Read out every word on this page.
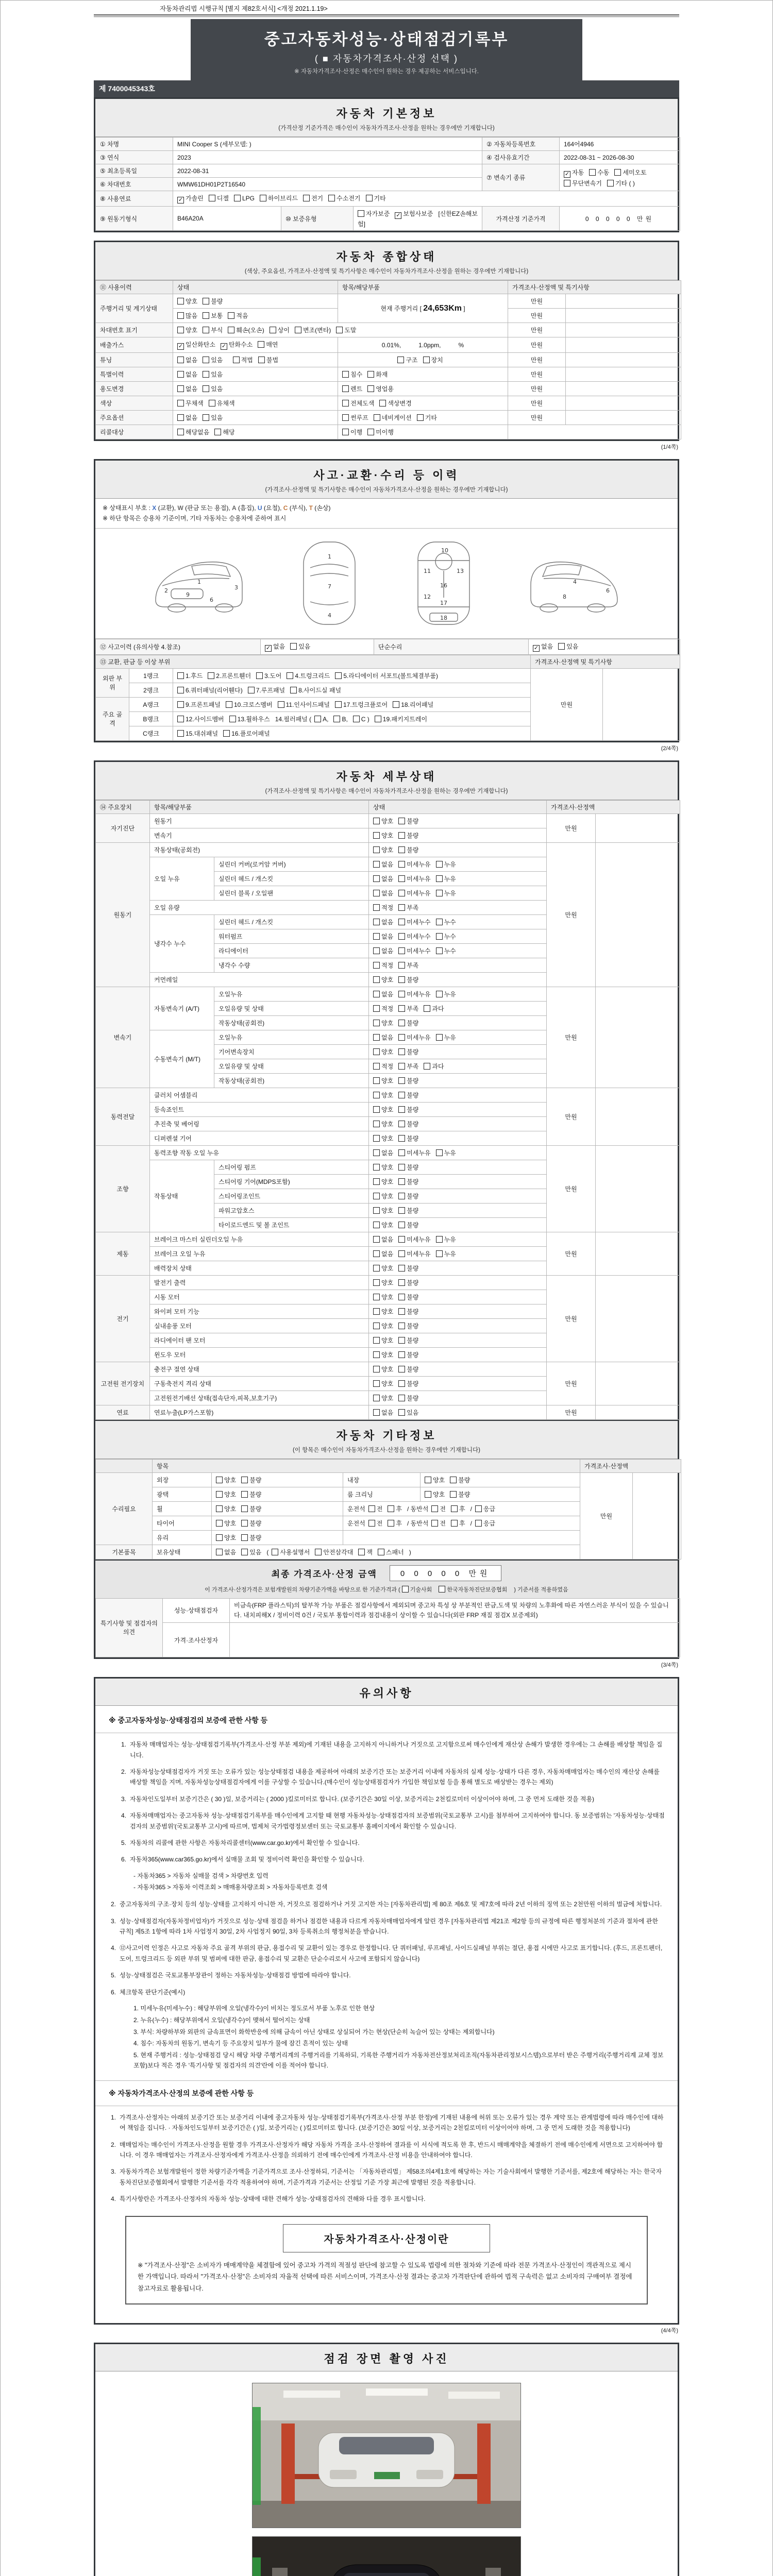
자동차관리법 시행규칙 [별지 제82호서식] <개정 2021.1.19>
중고자동차성능·상태점검기록부
( ■ 자동차가격조사·산정 선택 )
※ 자동차가격조사·산정은 매수인이 원하는 경우 제공하는 서비스입니다.
제 7400045343호
자동차 기본정보
(가격산정 기준가격은 매수인이 자동차가격조사·산정을 원하는 경우에만 기재합니다)
① 차명	MINI Cooper S (세부모델: )			② 자동차등록번호	164어4946
③ 연식	2023			④ 검사유효기간	2022-08-31 ~ 2026-08-30
⑤ 최초등록일	2022-08-31			⑦ 변속기 종류	✓ 자동 수동 세미오토무단변속기 기타 ( )
⑥ 차대번호	WMW61DH01P2T16540				
⑧ 사용연료	✓ 가솔린 디젤 LPG 하이브리드 전기 수소전기 기타				
⑨ 원동기형식	B46A20A	⑩ 보증유형	자가보증 ✓ 보험사보증 [신한EZ손해보험]	가격산정 기준가격	0 0 0 0 0 만원
자동차 종합상태
(색상, 주요옵션, 가격조사·산정액 및 특기사항은 매수인이 자동차가격조사·산정을 원하는 경우에만 기재합니다)
⑪ 사용이력	상태	항목/해당부품	가격조사·산정액 및 특기사항	
주행거리 및 계기상태	양호 불량	현재 주행거리 [ 24,653Km ]	만원	
	많음 보통 적음		만원	
차대번호 표기	양호 부식 훼손(오손) 상이 변조(변타) 도말		만원	
배출가스	✓ 일산화탄소 ✓ 탄화수소 매연	0.01%, 1.0ppm, %	만원	
튜닝	없음 있음 적법 불법	구조 장치	만원	
특별이력	없음 있음	침수 화재	만원	
용도변경	없음 있음	렌트 영업용	만원	
색상	무채색 유채색	전체도색 색상변경	만원	
주요옵션	없음 있음	썬루프 네비게이션 기타	만원	
리콜대상	해당없음 해당	이행 미이행		
(1/4쪽)
사고·교환·수리 등 이력
(가격조사·산정액 및 특기사항은 매수인이 자동차가격조사·산정을 원하는 경우에만 기재합니다)
※ 상태표시 부호 : X (교환), W (판금 또는 용접), A (흠집), U (요철), C (부식), T (손상)
※ 하단 항목은 승용차 기준이며, 기타 자동차는 승용차에 준하여 표시
1
2
9
3
6
1
7
4
10
11	13
16
12
17
18
4
6
8
⑫ 사고이력 (유의사항 4.참조)	✓ 없음 있음	단순수리	✓ 없음 있음
⑬ 교환, 판금 등 이상 부위			가격조사·산정액 및 특기사항	
외판 부위	1랭크	1.후드 2.프론트휀더 3.도어 4.트렁크리드 5.라디에이터 서포트(볼트체결부품)	만원	
	2랭크	6.쿼터패널(리어휀다) 7.루프패널 8.사이드실 패널		
주요 골격	A랭크	9.프론트패널 10.크로스멤버 11.인사이드패널 17.트렁크플로어 18.리어패널		
	B랭크	12.사이드멤버 13.휠하우스 14.필러패널 ( A, B, C ) 19.패키지트레이		
	C랭크	15.대쉬패널 16.플로어패널		
(2/4쪽)
자동차 세부상태
(가격조사·산정액 및 특기사항은 매수인이 자동차가격조사·산정을 원하는 경우에만 기재합니다)
⑭ 주요장치	항목/해당부품		상태	가격조사·산정액	
자기진단	원동기		양호 불량	만원	
	변속기		양호 불량		
원동기	작동상태(공회전)		양호 불량	만원	
	오일 누유	실린더 커버(로커암 커버)	없음 미세누유 누유		
		실린더 헤드 / 개스킷	없음 미세누유 누유		
		실린더 블록 / 오일팬	없음 미세누유 누유		
	오일 유량		적정 부족		
	냉각수 누수	실린더 헤드 / 개스킷	없음 미세누수 누수		
		워터펌프	없음 미세누수 누수		
		라디에이터	없음 미세누수 누수		
		냉각수 수량	적정 부족		
	커먼레일		양호 불량		
변속기	자동변속기 (A/T)	오일누유	없음 미세누유 누유	만원	
		오일유량 및 상태	적정 부족 과다		
		작동상태(공회전)	양호 불량		
	수동변속기 (M/T)	오일누유	없음 미세누유 누유		
		기어변속장치	양호 불량		
		오일유량 및 상태	적정 부족 과다		
		작동상태(공회전)	양호 불량		
동력전달	클러치 어셈블리		양호 불량	만원	
	등속죠인트		양호 불량		
	추진축 및 베어링		양호 불량		
	디퍼렌셜 기어		양호 불량		
조향	동력조향 작동 오일 누유		없음 미세누유 누유	만원	
	작동상태	스티어링 펌프	양호 불량		
		스티어링 기어(MDPS포함)	양호 불량		
		스티어링조인트	양호 불량		
		파워고압호스	양호 불량		
		타이로드엔드 및 볼 조인트	양호 불량		
제동	브레이크 마스터 실린더오일 누유		없음 미세누유 누유	만원	
	브레이크 오일 누유		없음 미세누유 누유		
	배력장치 상태		양호 불량		
전기	발전기 출력		양호 불량	만원	
	시동 모터		양호 불량		
	와이퍼 모터 기능		양호 불량		
	실내송풍 모터		양호 불량		
	라디에이터 팬 모터		양호 불량		
	윈도우 모터		양호 불량		
고전원 전기장치	충전구 절연 상태		양호 불량	만원	
	구동축전지 격리 상태		양호 불량		
	고전원전기배선 상태(접속단자,피복,보호기구)		양호 불량		
연료	연료누출(LP가스포함)		없음 있음	만원	
자동차 기타정보
(이 항목은 매수인이 자동차가격조사·산정을 원하는 경우에만 기재합니다)
	항목				가격조사·산정액	
수리필요	외장	양호 불량	내장	양호 불량	만원	
	광택	양호 불량	룸 크리닝	양호 불량		
	휠	양호 불량	운전석 전 후 / 동반석 전 후 / 응급			
	타이어	양호 불량	운전석 전 후 / 동반석 전 후 / 응급			
	유리	양호 불량				
기본품목	보유상태	없음 있음 ( 사용설명서 안전삼각대 잭 스패너 )				
최종 가격조사·산정 금액	0 0 0 0 0 만원
이 가격조사·산정가격은 보험개발원의 차량기준가액을 바탕으로 한 기준가격과 ( 기술사회	한국자동차진단보증협회 ) 기준서를 적용하였음
특기사항 및 점검자의 의견	성능·상태점검자	비금속(FRP 플라스틱)의 탈부착 가능 부품은 점검사항에서 제외되며 중고차 특성 상 부분적인 판금,도색 및 차량의 노후화에 따른 자연스러운 부식이 있을 수 있습니다. 내치피해X / 정비이력 0건 / 국토부 통합이력과 점검내용이 상이할 수 있습니다(외판 FRP 재질 점검X 보증제외)
	가격·조사산정자	
(3/4쪽)
유의사항
※ 중고자동차성능·상태점검의 보증에 관한 사항 등
1. 자동차 매매업자는 성능·상태점검기록부(가격조사·산정 부분 제외)에 기재된 내용을 고지하지 아니하거나 거짓으로 고지함으로써 매수인에게 재산상 손해가 발생한 경우에는 그 손해를 배상할 책임을 집니다.
2. 자동차성능상태점검자가 거짓 또는 오류가 있는 성능상태점검 내용을 제공하여 아래의 보증기간 또는 보증거리 이내에 자동차의 실제 성능·상태가 다른 경우, 자동차매매업자는 매수인의 재산상 손해를 배상할 책임을 지며, 자동차성능상태점검자에게 이를 구상할 수 있습니다.(매수인이 성능상태점검자가 가입한 책임보험 등을 통해 별도로 배상받는 경우는 제외)
3. 자동차인도일부터 보증기간은 ( 30 )일, 보증거리는 ( 2000 )킬로미터로 합니다. (보증기간은 30일 이상, 보증거리는 2천킬로미터 이상이어야 하며, 그 중 먼저 도래한 것을 적용)
4. 자동차매매업자는 중고자동차 성능·상태점검기록부를 매수인에게 고지할 때 현행 자동차성능·상태점검자의 보증범위(국토교통부 고시)를 첨부하여 고지하여야 합니다. 동 보증범위는 '자동차성능·상태점검자의 보증범위'(국토교통부 고시)에 따르며, 법제처 국가법령정보센터 또는 국토교통부 홈페이지에서 확인할 수 있습니다.
5. 자동차의 리콜에 관한 사항은 자동차리콜센터(www.car.go.kr)에서 확인할 수 있습니다.
6. 자동차365(www.car365.go.kr)에서 실매물 조회 및 정비이력 확인을 확인할 수 있습니다.
- 자동차365 > 자동차 실매물 검색 > 차량번호 입력
- 자동차365 > 자동차 이력조회 > 매매용차량조회 > 자동차등록번호 검색
2. 중고자동차의 구조·장치 등의 성능·상태를 고지하지 아니한 자, 거짓으로 점검하거나 거짓 고지한 자는 [자동차관리법] 제 80조 제6호 및 제7호에 따라 2년 이하의 징역 또는 2천만원 이하의 벌금에 처합니다.
3. 성능·상태점검자(자동차정비업자)가 거짓으로 성능·상태 점검을 하거나 점검한 내용과 다르게 자동차매매업자에게 알린 경우 [자동차관리법 제21조 제2항 등의 규정에 따른 행정처분의 기준과 절차에 관한 규칙] 제5조 1항에 따라 1차 사업정지 30일, 2차 사업정지 90일, 3차 등록취소의 행정처분을 받습니다.
4. ⑫사고이력 인정은 사고로 자동차 주요 골격 부위의 판금, 용접수리 및 교환이 있는 경우로 한정합니다. 단 쿼터패널, 루프패널, 사이드실패널 부위는 절단, 용접 시에만 사고로 표기합니다. (후드, 프론트펜더, 도어, 트렁크리드 등 외판 부위 및 범퍼에 대한 판금, 용접수리 및 교환은 단순수리로서 사고에 포함되지 않습니다)
5. 성능·상태점검은 국토교통부장관이 정하는 자동차성능·상태점검 방법에 따라야 합니다.
6. 체크항목 판단기준(예시)
1. 미세누유(미세누수) : 해당부위에 오일(냉각수)이 비치는 정도로서 부품 노후로 인한 현상
2. 누유(누수) : 해당부위에서 오일(냉각수)이 맺혀서 떨어지는 상태
3. 부식: 차량하부와 외판의 금속표면이 화학반응에 의해 금속이 아닌 상태로 상실되어 가는 현상(단순히 녹슬어 있는 상태는 제외합니다)
4. 침수: 자동차의 원동기, 변속기 등 주요장치 일부가 물에 잠긴 흔적이 있는 상태
5. 현재 주행거리 : 성능·상태점검 당시 해당 차량 주행거리계의 주행거리를 기록하되, 기록한 주행거리가 자동차전산정보처리조직(자동차관리정보시스템)으로부터 받은 주행거리(주행거리계 교체 정보 포함)보다 적은 경우 '특기사항 및 점검자의 의견'란에 이를 적어야 합니다.
※ 자동차가격조사·산정의 보증에 관한 사항 등
1. 가격조사·산정자는 아래의 보증기간 또는 보증거리 이내에 중고자동차 성능·상태점검기록부(가격조사·산정 부분 한정)에 기재된 내용에 허위 또는 오류가 있는 경우 계약 또는 관계법령에 따라 매수인에 대하여 책임을 집니다. · 자동차인도일부터 보증기간은 ( )일, 보증거리는 ( )킬로미터로 합니다. (보증기간은 30일 이상, 보증거리는 2천킬로미터 이상이어야 하며, 그 중 먼저 도래한 것을 적용합니다)
2. 매매업자는 매수인이 가격조사·산정을 원할 경우 가격조사·산정자가 해당 자동차 가격을 조사·산정하여 결과를 이 서식에 적도록 한 후, 반드시 매매계약을 체결하기 전에 매수인에게 서면으로 고지하여야 합니다. 이 경우 매매업자는 가격조사·산정자에게 가격조사·산정을 의뢰하기 전에 매수인에게 가격조사·산정 비용을 안내하여야 합니다.
3. 자동차가격은 보험개발원이 정한 차량기준가액을 기준가격으로 조사·산정하되, 기준서는 「자동차관리법」 제58조의4제1호에 해당하는 자는 기술사회에서 발행한 기준서를, 제2호에 해당하는 자는 한국자동차진단보증협회에서 발행한 기준서를 각각 적용하여야 하며, 기준가격과 기준서는 산정일 기준 가장 최근에 발행된 것을 적용합니다.
4. 특기사항란은 가격조사·산정자의 자동차 성능·상태에 대한 견해가 성능·상태점검자의 견해와 다를 경우 표시합니다.
자동차가격조사·산정이란
※ "가격조사·산정"은 소비자가 매매계약을 체결함에 있어 중고차 가격의 적절성 판단에 참고할 수 있도록 법령에 의한 절차와 기준에 따라 전문 가격조사·산정인이 객관적으로 제시한 가액입니다. 따라서 "가격조사·산정"은 소비자의 자율적 선택에 따른 서비스이며, 가격조사·산정 결과는 중고차 가격판단에 관하여 법적 구속력은 없고 소비자의 구매여부 결정에 참고자료로 활용됩니다.
(4/4쪽)
점검 장면 촬영 사진
